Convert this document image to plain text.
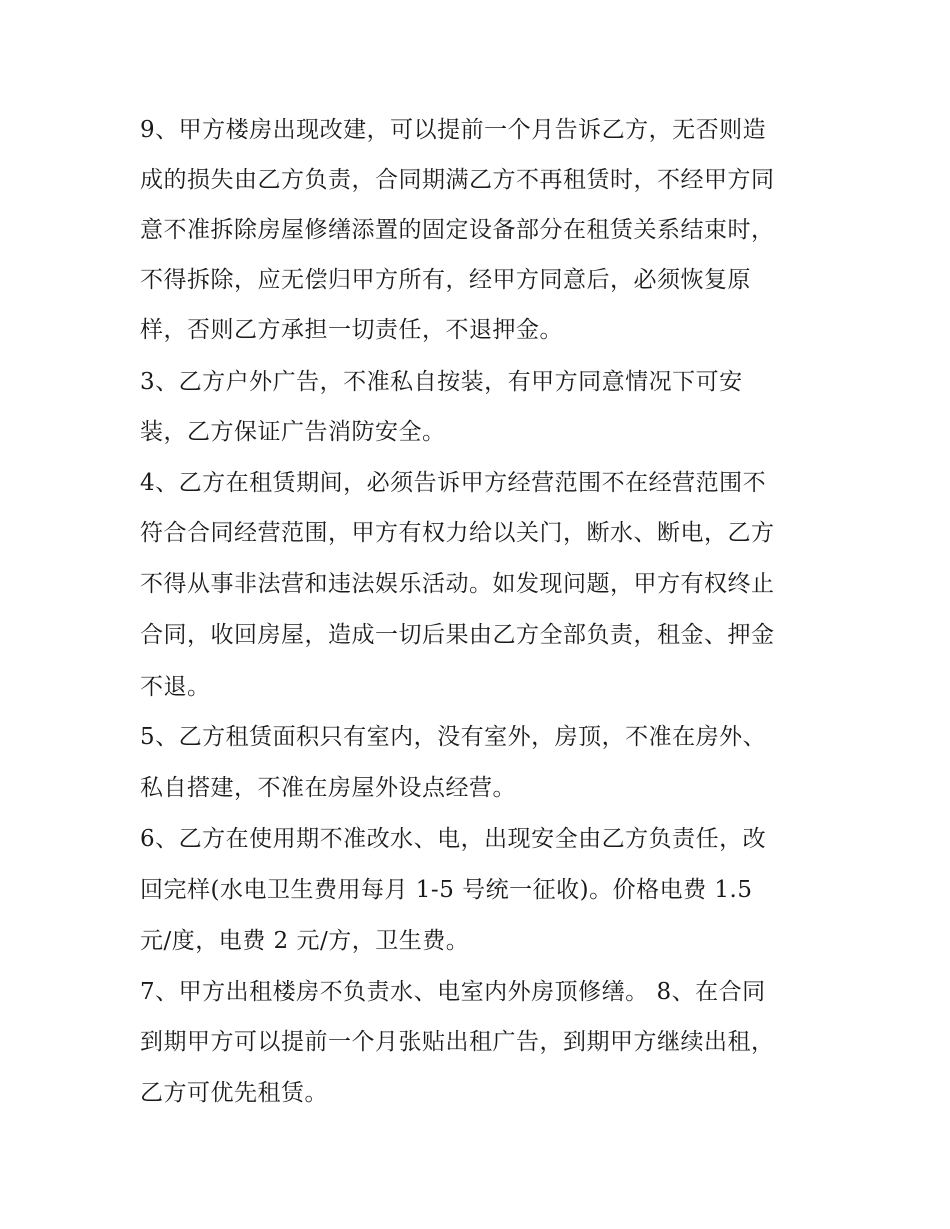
9、甲方楼房出现改建，可以提前一个月告诉乙方，无否则造
成的损失由乙方负责，合同期满乙方不再租赁时，不经甲方同
意不准拆除房屋修缮添置的固定设备部分在租赁关系结束时，
不得拆除，应无偿归甲方所有，经甲方同意后，必须恢复原
样，否则乙方承担一切责任，不退押金。
3、乙方户外广告，不准私自按装，有甲方同意情况下可安
装，乙方保证广告消防安全。
4、乙方在租赁期间，必须告诉甲方经营范围不在经营范围不
符合合同经营范围，甲方有权力给以关门，断水、断电，乙方
不得从事非法营和违法娱乐活动。如发现问题，甲方有权终止
合同，收回房屋，造成一切后果由乙方全部负责，租金、押金
不退。
5、乙方租赁面积只有室内，没有室外，房顶，不准在房外、
私自搭建，不准在房屋外设点经营。
6、乙方在使用期不准改水、电，出现安全由乙方负责任，改
回完样(水电卫生费用每月 1-5 号统一征收)。价格电费 1.5
元/度，电费 2 元/方，卫生费。
7、甲方出租楼房不负责水、电室内外房顶修缮。 8、在合同
到期甲方可以提前一个月张贴出租广告，到期甲方继续出租，
乙方可优先租赁。
